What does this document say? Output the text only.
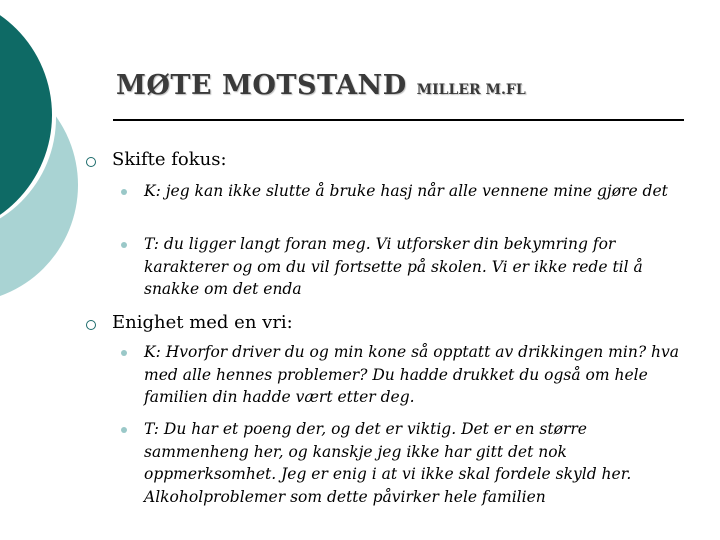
MØTE MOTSTAND MILLER M.FL
Skifte fokus:
K: jeg kan ikke slutte å bruke hasj når alle vennene mine gjøre det
T: du ligger langt foran meg. Vi utforsker din bekymring for karakterer og om du vil fortsette på skolen. Vi er ikke rede til å snakke om det enda
Enighet med en vri:
K: Hvorfor driver du og min kone så opptatt av drikkingen min? hva med alle hennes problemer? Du hadde drukket du også om hele familien din hadde vært etter deg.
T: Du har et poeng der, og det er viktig. Det er en større sammenheng her, og kanskje jeg ikke har gitt det nok oppmerksomhet. Jeg er enig i at vi ikke skal fordele skyld her. Alkoholproblemer som dette påvirker hele familien
